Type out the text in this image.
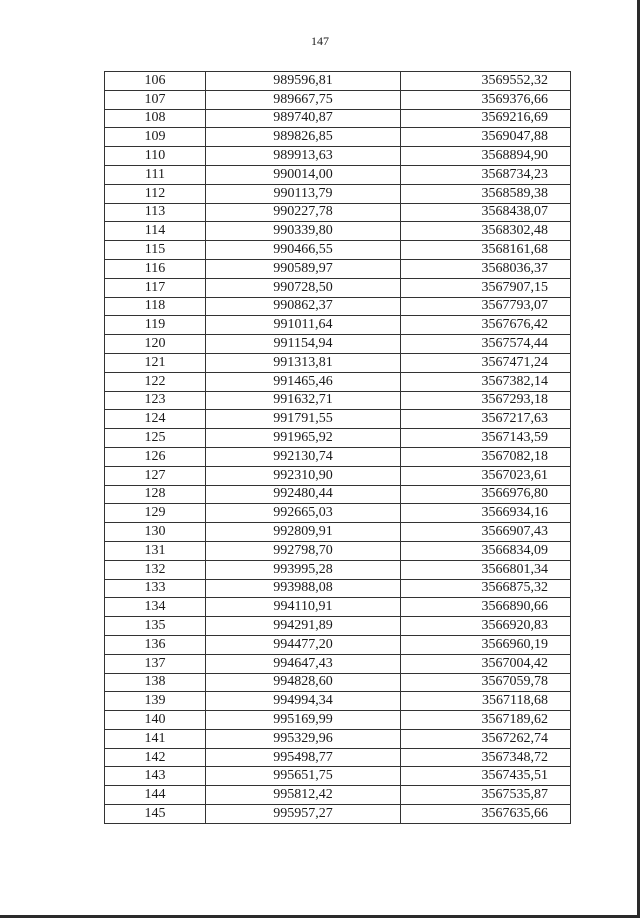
147
106	989596,81	3569552,32
107	989667,75	3569376,66
108	989740,87	3569216,69
109	989826,85	3569047,88
110	989913,63	3568894,90
111	990014,00	3568734,23
112	990113,79	3568589,38
113	990227,78	3568438,07
114	990339,80	3568302,48
115	990466,55	3568161,68
116	990589,97	3568036,37
117	990728,50	3567907,15
118	990862,37	3567793,07
119	991011,64	3567676,42
120	991154,94	3567574,44
121	991313,81	3567471,24
122	991465,46	3567382,14
123	991632,71	3567293,18
124	991791,55	3567217,63
125	991965,92	3567143,59
126	992130,74	3567082,18
127	992310,90	3567023,61
128	992480,44	3566976,80
129	992665,03	3566934,16
130	992809,91	3566907,43
131	992798,70	3566834,09
132	993995,28	3566801,34
133	993988,08	3566875,32
134	994110,91	3566890,66
135	994291,89	3566920,83
136	994477,20	3566960,19
137	994647,43	3567004,42
138	994828,60	3567059,78
139	994994,34	3567118,68
140	995169,99	3567189,62
141	995329,96	3567262,74
142	995498,77	3567348,72
143	995651,75	3567435,51
144	995812,42	3567535,87
145	995957,27	3567635,66
